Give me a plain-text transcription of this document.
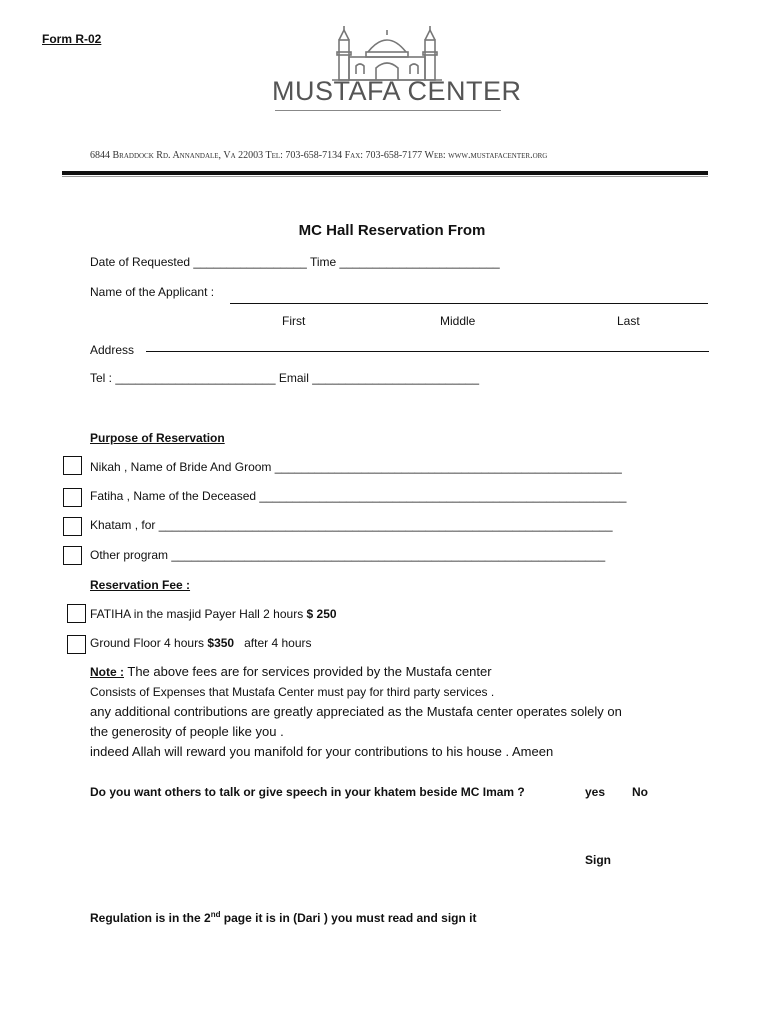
Form R-02
MUSTAFA CENTER
6844 Braddock Rd. Annandale, Va 22003 Tel: 703-658-7134 Fax: 703-658-7177 Web: www.mustafacenter.org
MC Hall Reservation From
Date of Requested _________________ Time ________________________
Name of the Applicant :
First	Middle	Last
Address
Tel : ________________________ Email _________________________
Purpose of Reservation
Nikah , Name of Bride And Groom ____________________________________________________
Fatiha , Name of the Deceased _______________________________________________________
Khatam , for ____________________________________________________________________
Other program _________________________________________________________________
Reservation Fee :
FATIHA in the masjid Payer Hall 2 hours $ 250
Ground Floor 4 hours $350   after 4 hours
Note : The above fees are for services provided by the Mustafa center
Consists of Expenses that Mustafa Center must pay for third party services .
any additional contributions are greatly appreciated as the Mustafa center operates solely on
the generosity of people like you .
indeed Allah will reward you manifold for your contributions to his house . Ameen
Do you want others to talk or give speech in your khatem beside MC Imam ?	yes No
Sign
Regulation is in the 2nd page it is in (Dari ) you must read and sign it
